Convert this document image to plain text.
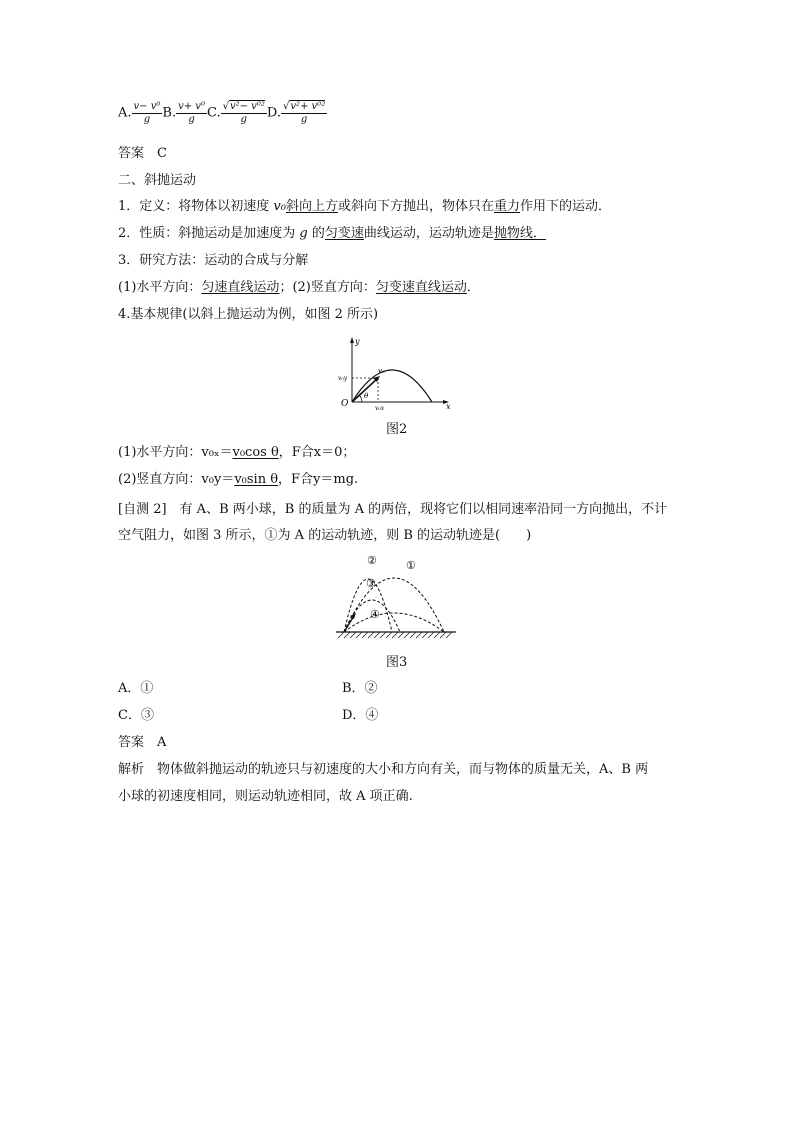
A. $\frac{\text{v− v⁰}}{g} B$. $\frac{\text{v+ v⁰}}{g} C$. $\frac{\text{√v²− v⁰²}}{g} D$. $\frac{\text{√v²+ v⁰²}}{g}$
答案　C
二、斜抛运动
1．定义：将物体以初速度 v₀斜向上方或斜向下方抛出，物体只在重力作用下的运动．
2．性质：斜抛运动是加速度为 g 的匀变速曲线运动，运动轨迹是抛物线．
3．研究方法：运动的合成与分解
(1)水平方向：匀速直线运动；(2)竖直方向：匀变速直线运动．
4.基本规律(以斜上抛运动为例，如图 2 所示)
y
x
O
v₀
v₀y
v₀x
θ
图2
(1)水平方向：v₀ₓ＝v₀cos θ，F合x＝0；
(2)竖直方向：v₀y＝v₀sin θ，F合y＝mg.
[自测 2]　有 A、B 两小球，B 的质量为 A 的两倍，现将它们以相同速率沿同一方向抛出，不计
空气阻力，如图 3 所示，①为 A 的运动轨迹，则 B 的运动轨迹是(　　)
①
②
③
④
图3
A．①	B．②
C．③	D．④
答案　A
解析　物体做斜抛运动的轨迹只与初速度的大小和方向有关，而与物体的质量无关，A、B 两
小球的初速度相同，则运动轨迹相同，故 A 项正确.
